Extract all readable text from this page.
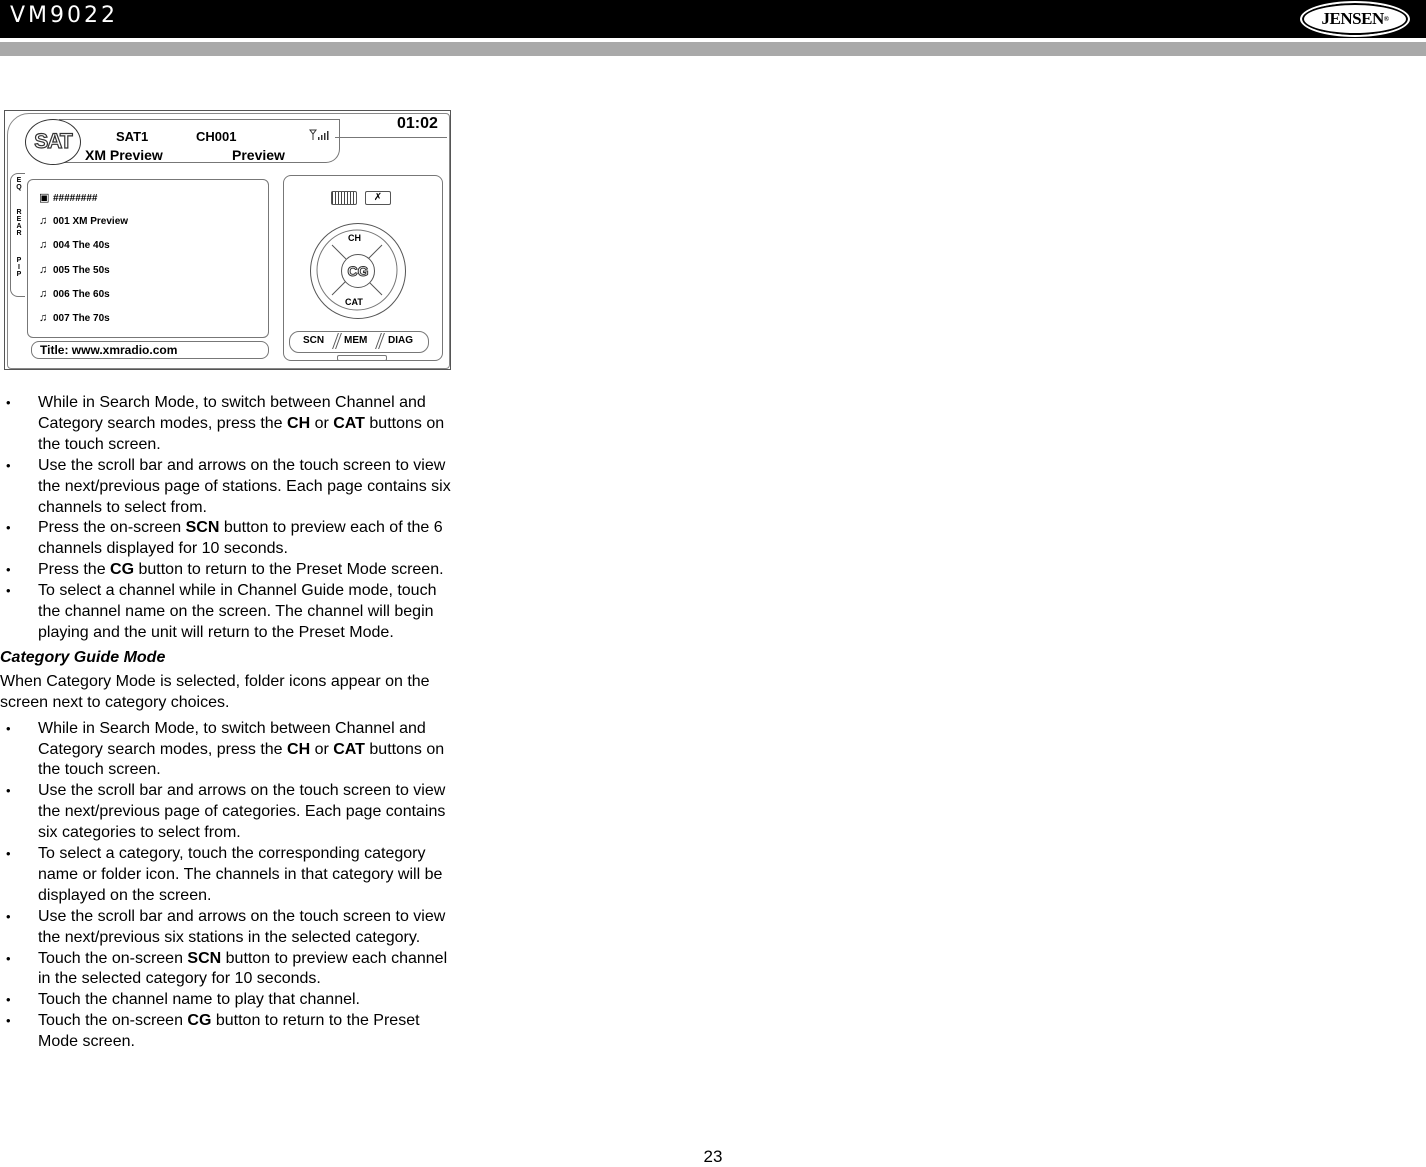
VM9022	JENSEN ®
SAT	SAT1	CH001
XM Preview	Preview
01:02
E
Q
R
E
A
R
P
I
P
▣ ########
♫ 001 XM Preview
♫ 004 The 40s
♫ 005 The 50s
♫ 006 The 60s
♫ 007 The 70s
Title: www.xmradio.com
✗
CG
CH
CAT
SCN MEM DIAG
• While in Search Mode, to switch between Channel and Category search modes, press the CH or CAT buttons on the touch screen.
• Use the scroll bar and arrows on the touch screen to view the next/previous page of stations. Each page contains six channels to select from.
• Press the on-screen SCN button to preview each of the 6 channels displayed for 10 seconds.
• Press the CG button to return to the Preset Mode screen.
• To select a channel while in Channel Guide mode, touch the channel name on the screen. The channel will begin playing and the unit will return to the Preset Mode.
Category Guide Mode
When Category Mode is selected, folder icons appear on the screen next to category choices.
• While in Search Mode, to switch between Channel and Category search modes, press the CH or CAT buttons on the touch screen.
• Use the scroll bar and arrows on the touch screen to view the next/previous page of categories. Each page contains six categories to select from.
• To select a category, touch the corresponding category name or folder icon. The channels in that category will be displayed on the screen.
• Use the scroll bar and arrows on the touch screen to view the next/previous six stations in the selected category.
• Touch the on-screen SCN button to preview each channel in the selected category for 10 seconds.
• Touch the channel name to play that channel.
• Touch the on-screen CG button to return to the Preset Mode screen.
23
